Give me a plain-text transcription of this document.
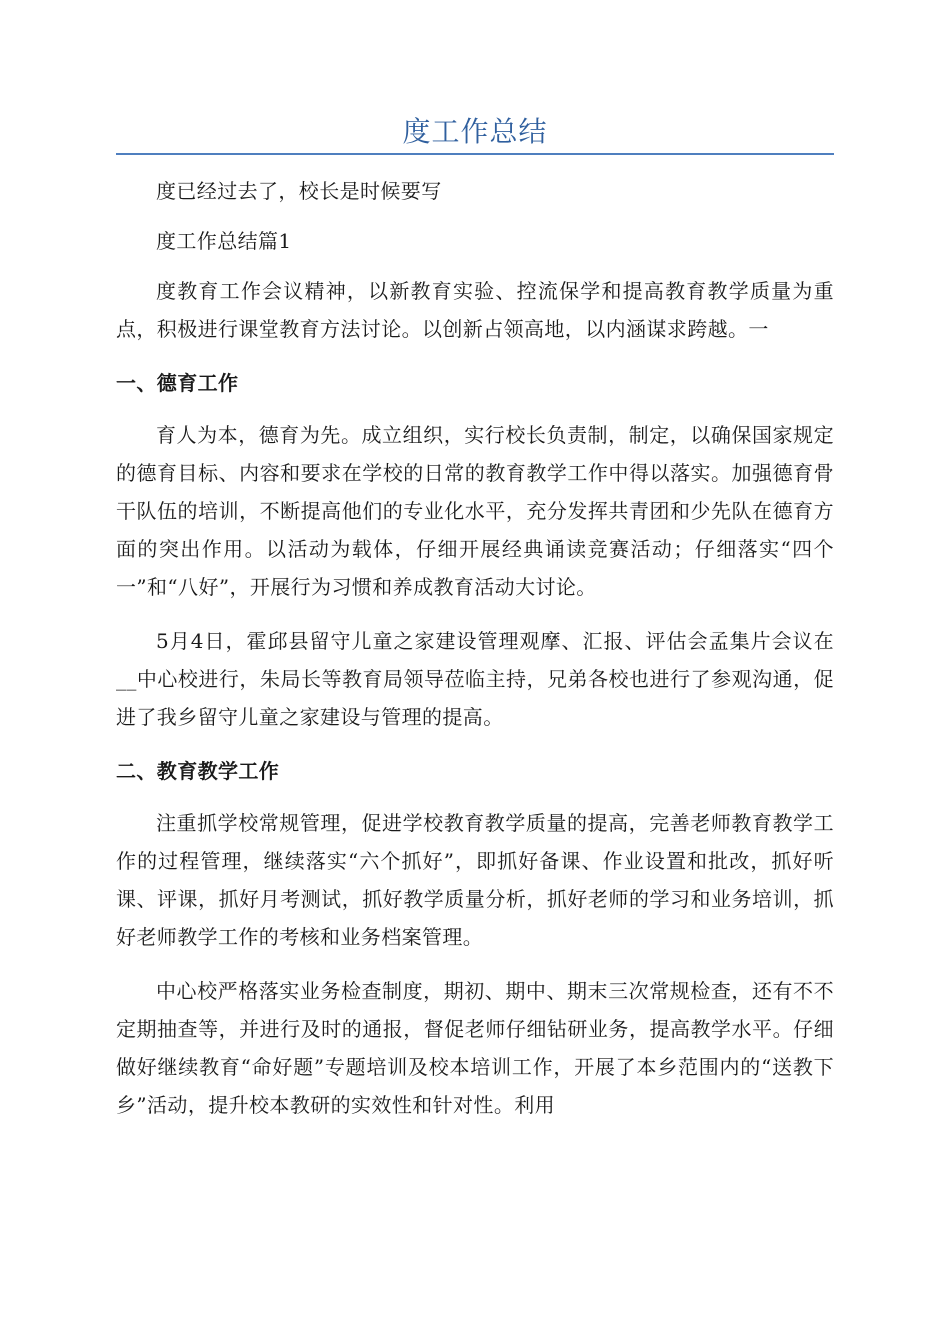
度工作总结

度已经过去了，校长是时候要写

度工作总结篇1

度教育工作会议精神，以新教育实验、控流保学和提高教育教学质量为重点，积极进行课堂教育方法讨论。以创新占领高地，以内涵谋求跨越。一

一、德育工作

育人为本，德育为先。成立组织，实行校长负责制，制定，以确保国家规定的德育目标、内容和要求在学校的日常的教育教学工作中得以落实。加强德育骨干队伍的培训，不断提高他们的专业化水平，充分发挥共青团和少先队在德育方面的突出作用。以活动为载体，仔细开展经典诵读竞赛活动；仔细落实“四个一”和“八好”，开展行为习惯和养成教育活动大讨论。

5月4日，霍邱县留守儿童之家建设管理观摩、汇报、评估会孟集片会议在__中心校进行，朱局长等教育局领导莅临主持，兄弟各校也进行了参观沟通，促进了我乡留守儿童之家建设与管理的提高。

二、教育教学工作

注重抓学校常规管理，促进学校教育教学质量的提高，完善老师教育教学工作的过程管理，继续落实“六个抓好”，即抓好备课、作业设置和批改，抓好听课、评课，抓好月考测试，抓好教学质量分析，抓好老师的学习和业务培训，抓好老师教学工作的考核和业务档案管理。

中心校严格落实业务检查制度，期初、期中、期末三次常规检查，还有不不定期抽查等，并进行及时的通报，督促老师仔细钻研业务，提高教学水平。仔细做好继续教育“命好题”专题培训及校本培训工作，开展了本乡范围内的“送教下乡”活动，提升校本教研的实效性和针对性。利用
